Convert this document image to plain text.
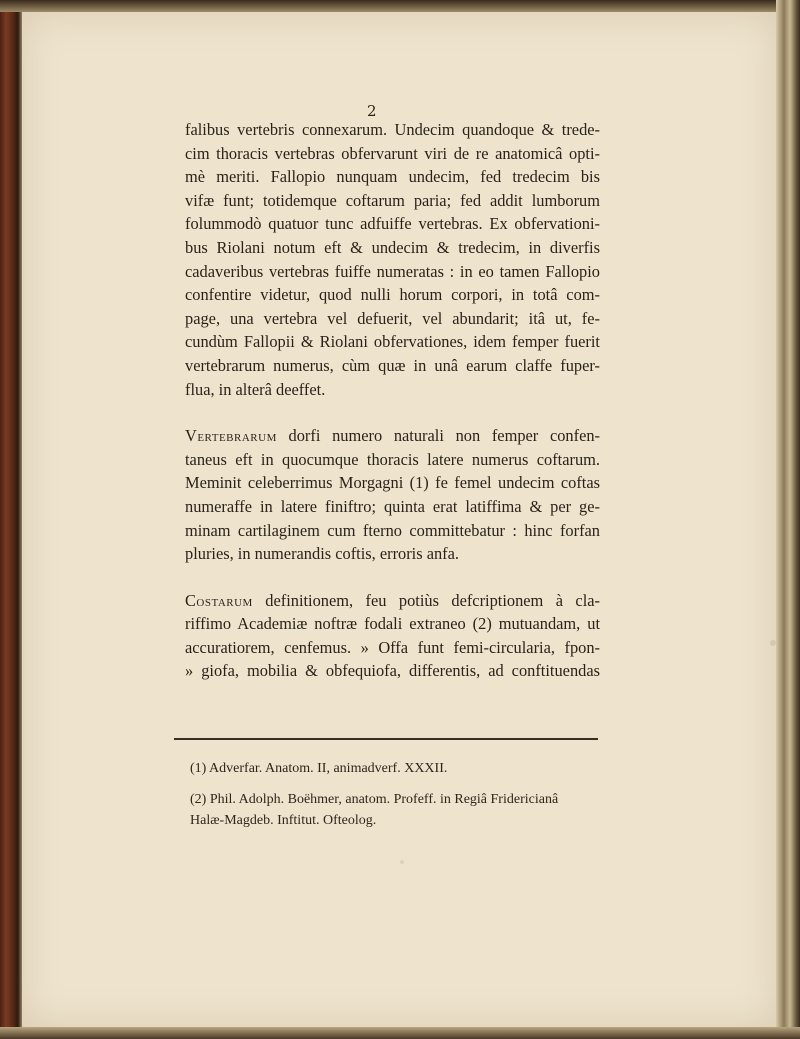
2
falibus vertebris connexarum. Undecim quandoque & trede-
cim thoracis vertebras obfervarunt viri de re anatomicâ opti-
mè meriti. Fallopio nunquam undecim, fed tredecim bis
vifæ funt; totidemque coftarum paria; fed addit lumborum
folummodò quatuor tunc adfuiffe vertebras. Ex obfervationi-
bus Riolani notum eft & undecim & tredecim, in diverfis
cadaveribus vertebras fuiffe numeratas : in eo tamen Fallopio
confentire videtur, quod nulli horum corpori, in totâ com-
page, una vertebra vel defuerit, vel abundarit; itâ ut, fe-
cundùm Fallopii & Riolani obfervationes, idem femper fuerit
vertebrarum numerus, cùm quæ in unâ earum claffe fuper-
flua, in alterâ deeffet.
Vertebrarum dorfi numero naturali non femper confen-
taneus eft in quocumque thoracis latere numerus coftarum.
Meminit celeberrimus Morgagni (1) fe femel undecim coftas
numeraffe in latere finiftro; quinta erat latiffima & per ge-
minam cartilaginem cum fterno committebatur : hinc forfan
pluries, in numerandis coftis, erroris anfa.
Costarum definitionem, feu potiùs defcriptionem à cla-
riffimo Academiæ noftræ fodali extraneo (2) mutuandam, ut
accuratiorem, cenfemus. » Offa funt femi-circularia, fpon-
» giofa, mobilia & obfequiofa, differentis, ad conftituendas
(1) Adverfar. Anatom. II, animadverf. XXXII.
(2) Phil. Adolph. Boëhmer, anatom. Profeff. in Regiâ Fridericianâ
Halæ-Magdeb. Inftitut. Ofteolog.
